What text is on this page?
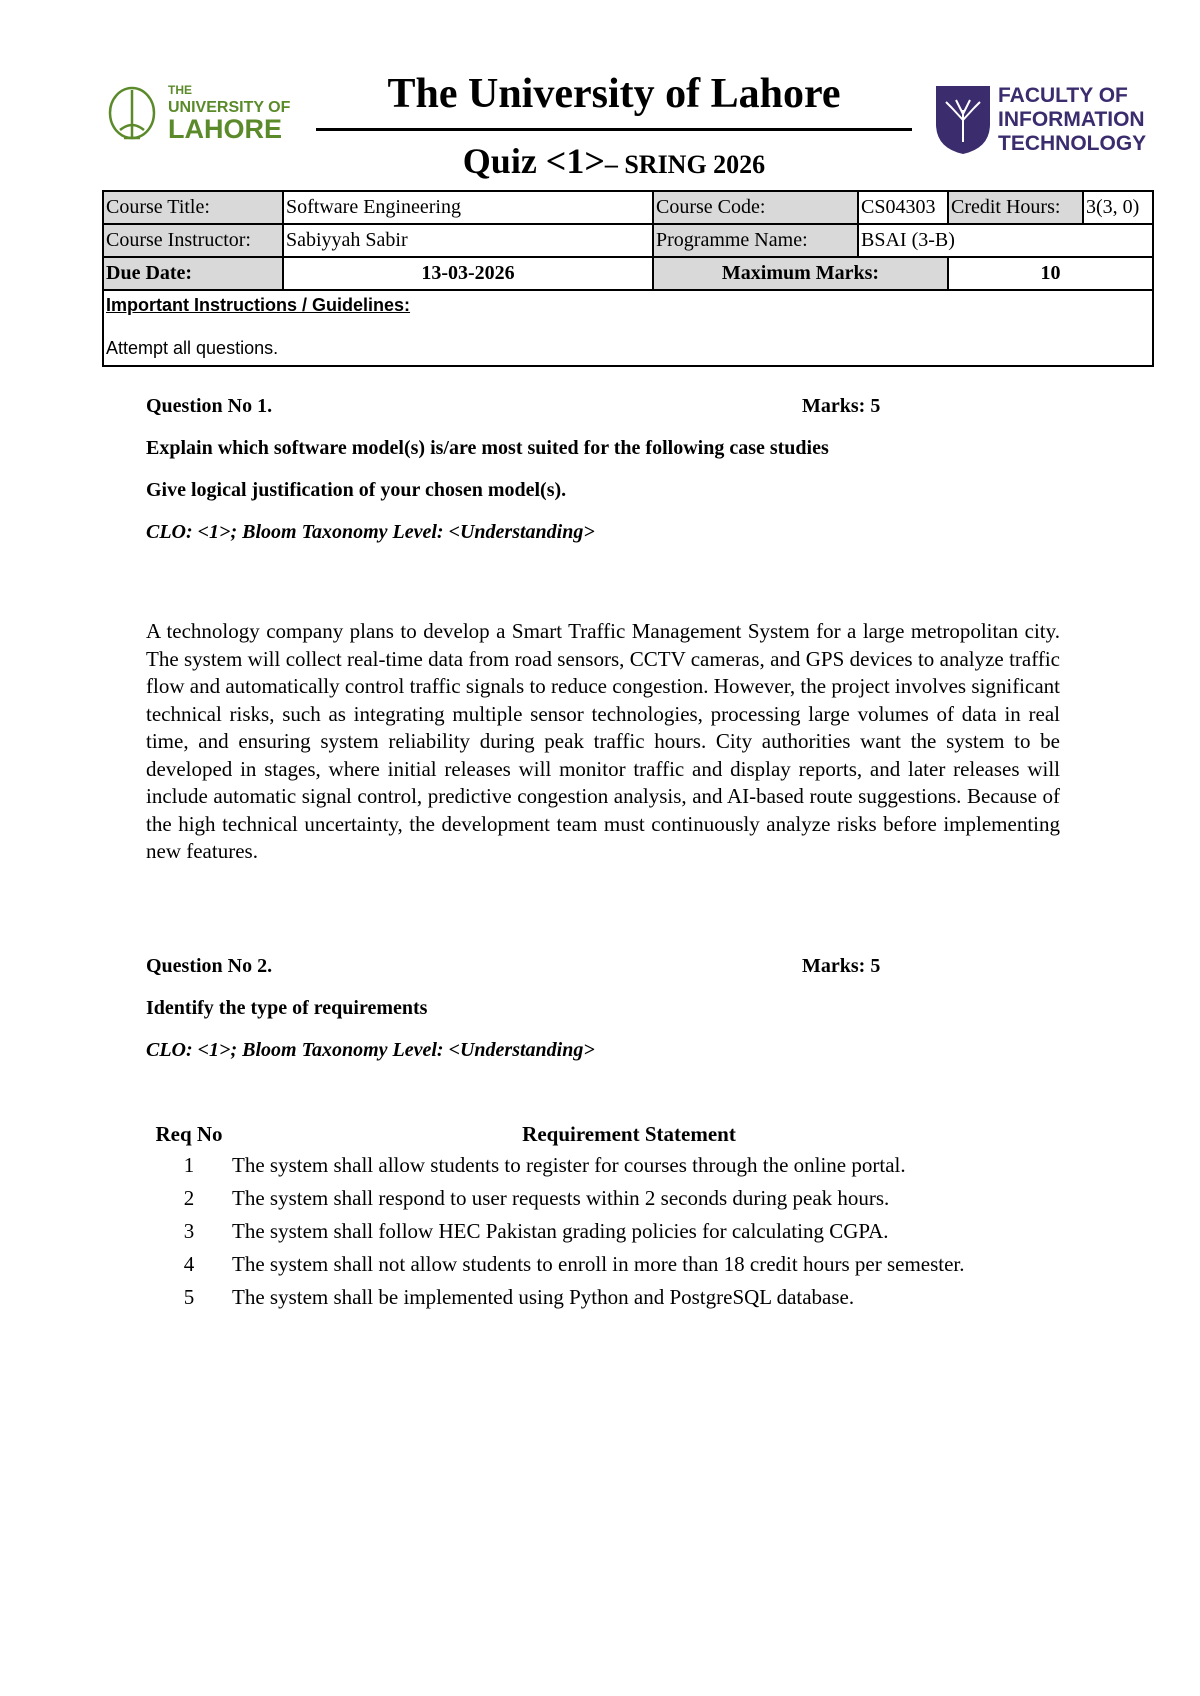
THE
UNIVERSITY OF
LAHORE
The University of Lahore
Quiz <1>– SRING 2026
FACULTY OF
INFORMATION
TECHNOLOGY
Course Title:	Software Engineering	Course Code:	CS04303	Credit Hours:	3(3, 0)
Course Instructor:	Sabiyyah Sabir	Programme Name:	BSAI (3-B)		
Due Date:	13-03-2026	Maximum Marks:		10	

Important Instructions / Guidelines:
Attempt all questions.					
Question No 1.	Marks: 5
Explain which software model(s) is/are most suited for the following case studies
Give logical justification of your chosen model(s).
CLO: <1>; Bloom Taxonomy Level: <Understanding>
A technology company plans to develop a Smart Traffic Management System for a large metropolitan city. The system will collect real-time data from road sensors, CCTV cameras, and GPS devices to analyze traffic flow and automatically control traffic signals to reduce congestion. However, the project involves significant technical risks, such as integrating multiple sensor technologies, processing large volumes of data in real time, and ensuring system reliability during peak traffic hours. City authorities want the system to be developed in stages, where initial releases will monitor traffic and display reports, and later releases will include automatic signal control, predictive congestion analysis, and AI-based route suggestions. Because of the high technical uncertainty, the development team must continuously analyze risks before implementing new features.
Question No 2.	Marks: 5
Identify the type of requirements
CLO: <1>; Bloom Taxonomy Level: <Understanding>
Req No	Requirement Statement
1	The system shall allow students to register for courses through the online portal.
2	The system shall respond to user requests within 2 seconds during peak hours.
3	The system shall follow HEC Pakistan grading policies for calculating CGPA.
4	The system shall not allow students to enroll in more than 18 credit hours per semester.
5	The system shall be implemented using Python and PostgreSQL database.
